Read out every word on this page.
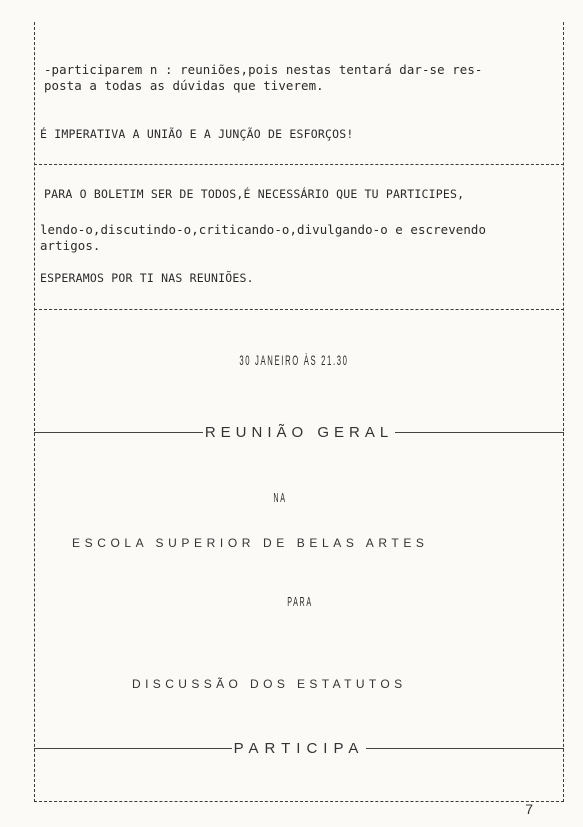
-participarem n : reuniões,pois nestas tentará dar-se res-
posta a todas as dúvidas que tiverem.
É IMPERATIVA A UNIÃO E A JUNÇÃO DE ESFORÇOS!
PARA O BOLETIM SER DE TODOS,É NECESSÁRIO QUE TU PARTICIPES,
lendo-o,discutindo-o,criticando-o,divulgando-o e escrevendo
artigos.
ESPERAMOS POR TI NAS REUNIÕES.
30 JANEIRO ÀS 21.30
REUNIÃO GERAL
NA
ESCOLA SUPERIOR DE BELAS ARTES
PARA
DISCUSSÃO DOS ESTATUTOS
PARTICIPA
7
